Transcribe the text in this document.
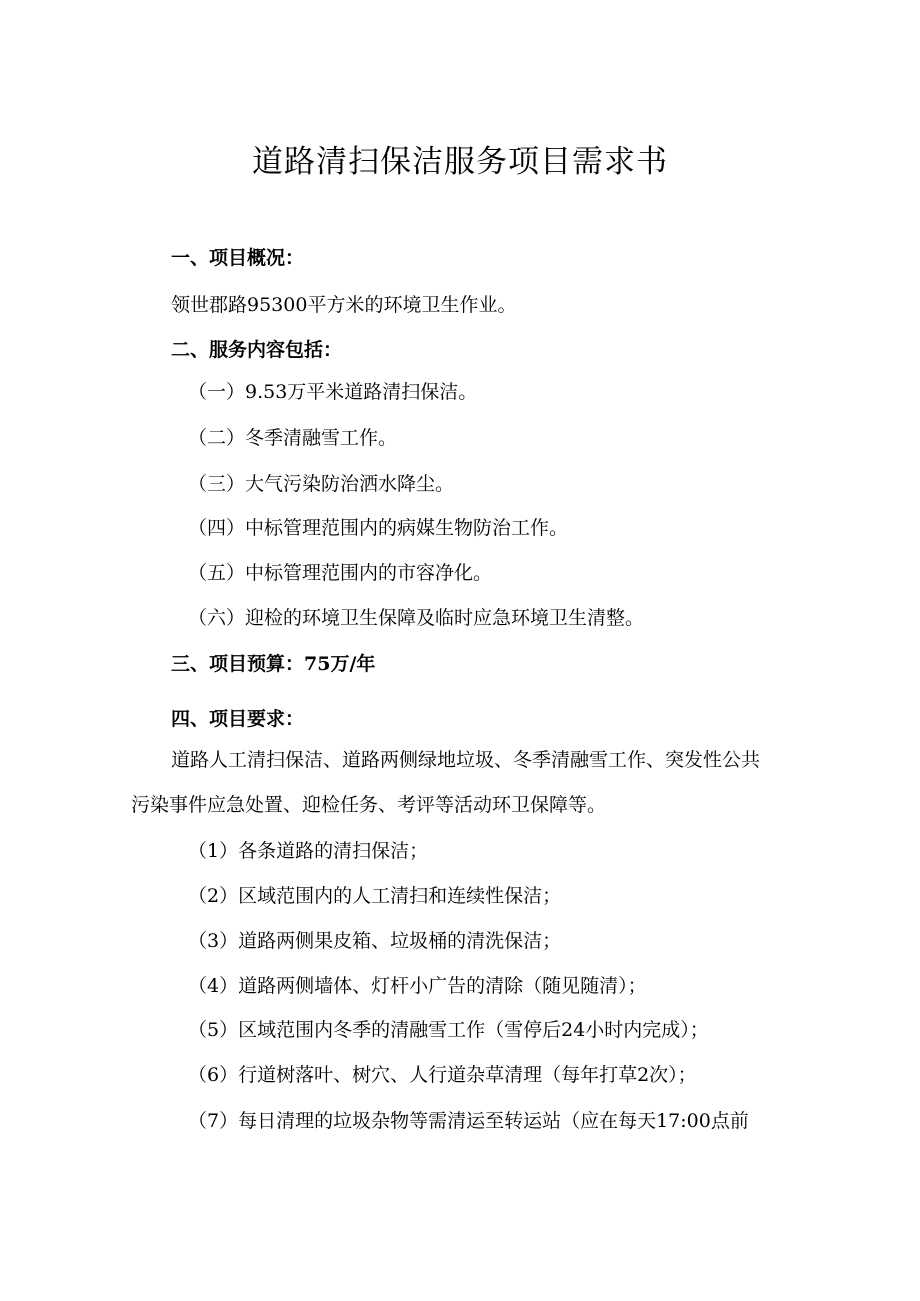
道路清扫保洁服务项目需求书

一、项目概况：

领世郡路95300平方米的环境卫生作业。

二、服务内容包括：

（一）9.53万平米道路清扫保洁。

（二）冬季清融雪工作。

（三）大气污染防治洒水降尘。

（四）中标管理范围内的病媒生物防治工作。

（五）中标管理范围内的市容净化。

（六）迎检的环境卫生保障及临时应急环境卫生清整。

三、项目预算：75万/年

四、项目要求：

道路人工清扫保洁、道路两侧绿地垃圾、冬季清融雪工作、突发性公共

污染事件应急处置、迎检任务、考评等活动环卫保障等。

（1）各条道路的清扫保洁；

（2）区域范围内的人工清扫和连续性保洁；

（3）道路两侧果皮箱、垃圾桶的清洗保洁；

（4）道路两侧墙体、灯杆小广告的清除（随见随清）；

（5）区域范围内冬季的清融雪工作（雪停后24小时内完成）；

（6）行道树落叶、树穴、人行道杂草清理（每年打草2次）；

（7）每日清理的垃圾杂物等需清运至转运站（应在每天17:00点前
